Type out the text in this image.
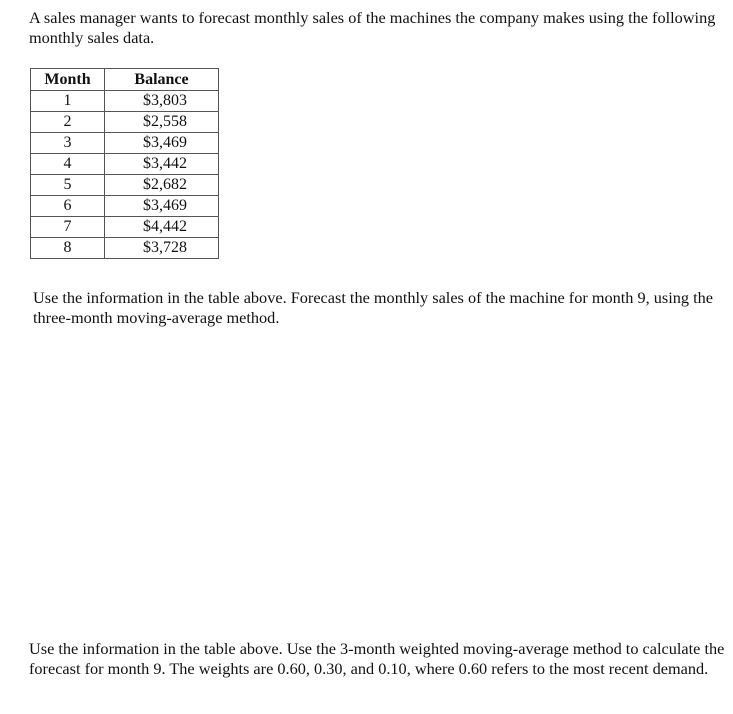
A sales manager wants to forecast monthly sales of the machines the company makes using the following monthly sales data.

Month	Balance
1	$3,803
2	$2,558
3	$3,469
4	$3,442
5	$2,682
6	$3,469
7	$4,442
8	$3,728

Use the information in the table above. Forecast the monthly sales of the machine for month 9, using the three-month moving-average method.

Use the information in the table above. Use the 3-month weighted moving-average method to calculate the forecast for month 9. The weights are 0.60, 0.30, and 0.10, where 0.60 refers to the most recent demand.
